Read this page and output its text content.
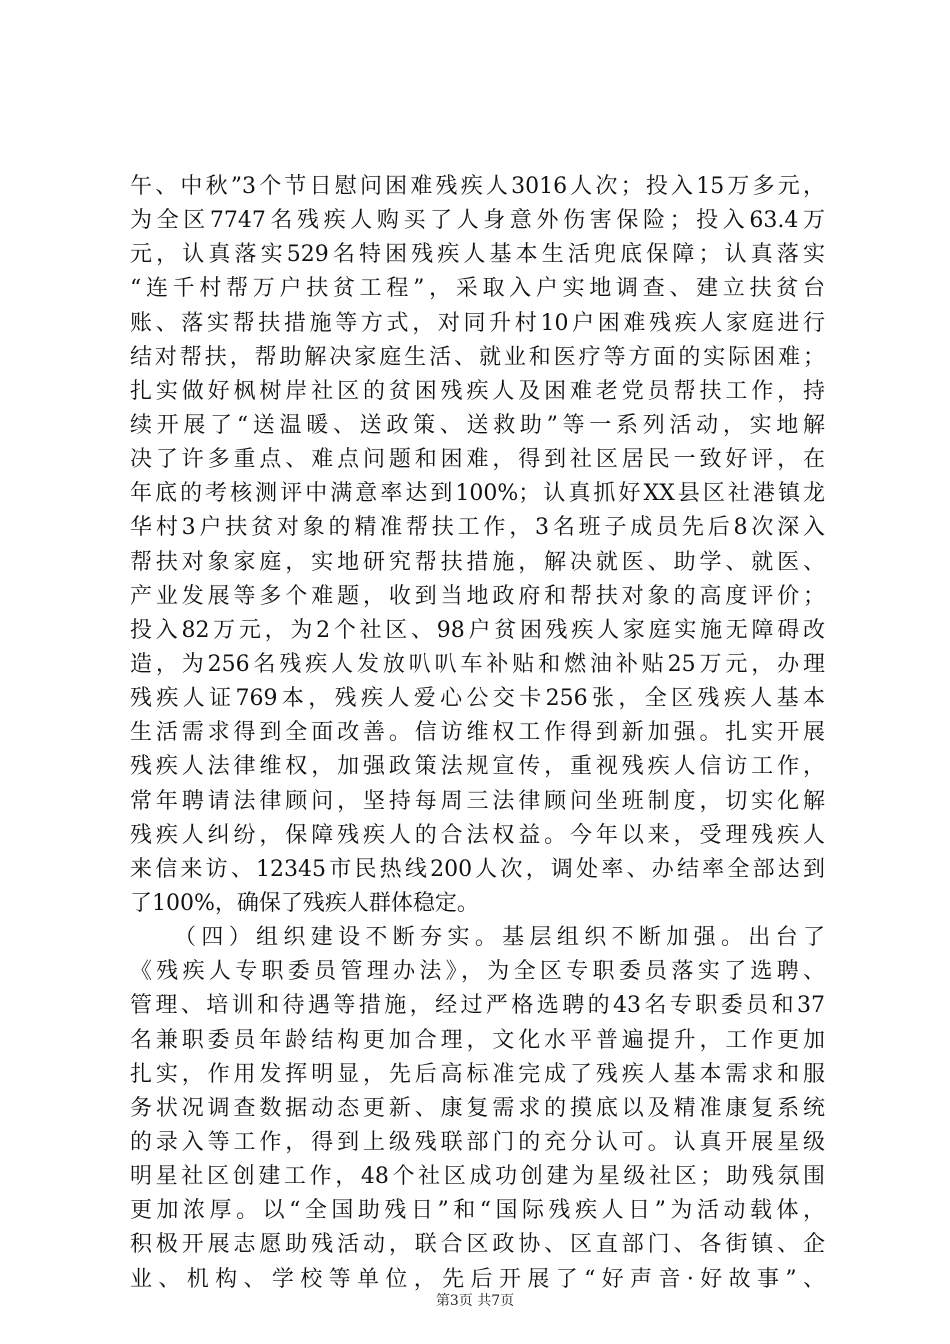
午、中秋”3个节日慰问困难残疾人3016人次；投入15万多元，
为全区7747名残疾人购买了人身意外伤害保险；投入63.4万
元，认真落实529名特困残疾人基本生活兜底保障；认真落实
“连千村帮万户扶贫工程”，采取入户实地调查、建立扶贫台
账、落实帮扶措施等方式，对同升村10户困难残疾人家庭进行
结对帮扶，帮助解决家庭生活、就业和医疗等方面的实际困难；
扎实做好枫树岸社区的贫困残疾人及困难老党员帮扶工作，持
续开展了“送温暖、送政策、送救助”等一系列活动，实地解
决了许多重点、难点问题和困难，得到社区居民一致好评，在
年底的考核测评中满意率达到100%；认真抓好XX县区社港镇龙
华村3户扶贫对象的精准帮扶工作，3名班子成员先后8次深入
帮扶对象家庭，实地研究帮扶措施，解决就医、助学、就医、
产业发展等多个难题，收到当地政府和帮扶对象的高度评价；
投入82万元，为2个社区、98户贫困残疾人家庭实施无障碍改
造，为256名残疾人发放叭叭车补贴和燃油补贴25万元，办理
残疾人证769本，残疾人爱心公交卡256张，全区残疾人基本
生活需求得到全面改善。信访维权工作得到新加强。扎实开展
残疾人法律维权，加强政策法规宣传，重视残疾人信访工作，
常年聘请法律顾问，坚持每周三法律顾问坐班制度，切实化解
残疾人纠纷，保障残疾人的合法权益。今年以来，受理残疾人
来信来访、12345市民热线200人次，调处率、办结率全部达到
了100%，确保了残疾人群体稳定。
（四）组织建设不断夯实。基层组织不断加强。出台了
《残疾人专职委员管理办法》，为全区专职委员落实了选聘、
管理、培训和待遇等措施，经过严格选聘的43名专职委员和37
名兼职委员年龄结构更加合理，文化水平普遍提升，工作更加
扎实，作用发挥明显，先后高标准完成了残疾人基本需求和服
务状况调查数据动态更新、康复需求的摸底以及精准康复系统
的录入等工作，得到上级残联部门的充分认可。认真开展星级
明星社区创建工作，48个社区成功创建为星级社区；助残氛围
更加浓厚。以“全国助残日”和“国际残疾人日”为活动载体，
积极开展志愿助残活动，联合区政协、区直部门、各街镇、企
业、机构、学校等单位，先后开展了“好声音·好故事”、
第3页 共7页
